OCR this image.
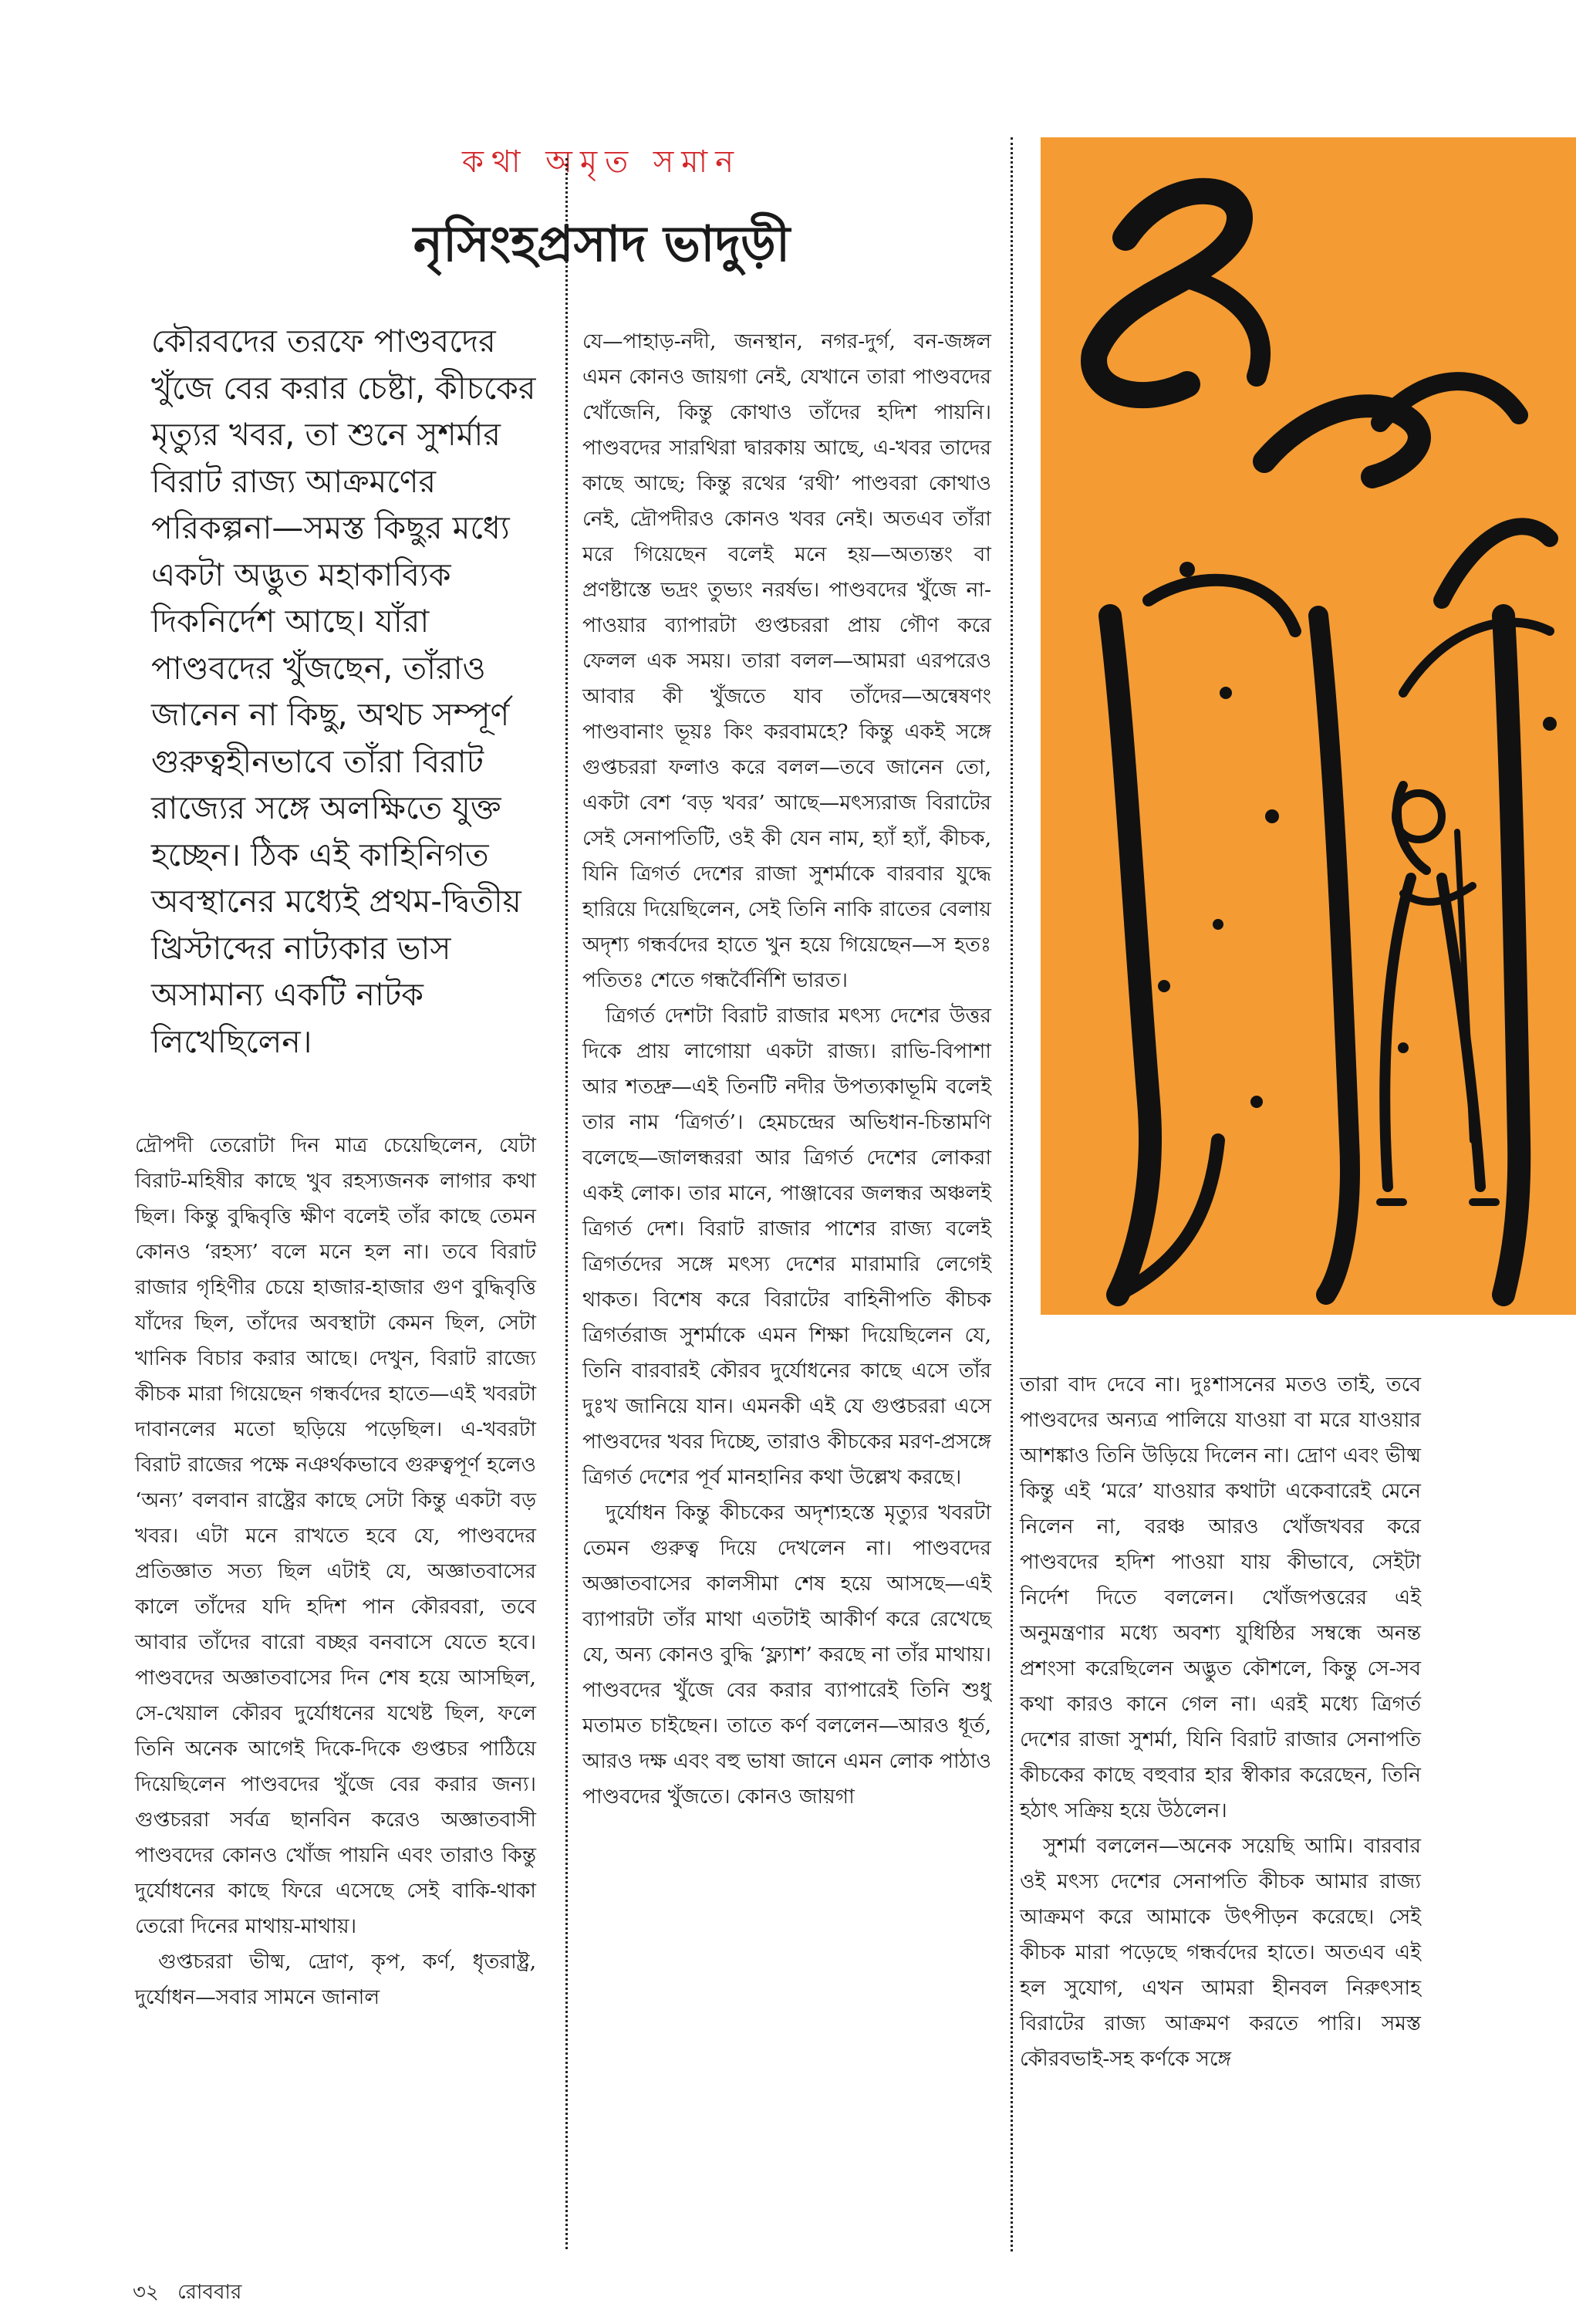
কথা অমৃত সমান
নৃসিংহপ্রসাদ ভাদুড়ী

কৌরবদের তরফে পাণ্ডবদের খুঁজে বের করার চেষ্টা, কীচকের মৃত্যুর খবর, তা শুনে সুশর্মার বিরাট রাজ্য আক্রমণের পরিকল্পনা—সমস্ত কিছুর মধ্যে একটা অদ্ভুত মহাকাব্যিক দিকনির্দেশ আছে। যাঁরা পাণ্ডবদের খুঁজছেন, তাঁরাও জানেন না কিছু, অথচ সম্পূর্ণ গুরুত্বহীনভাবে তাঁরা বিরাট রাজ্যের সঙ্গে অলক্ষিতে যুক্ত হচ্ছেন। ঠিক এই কাহিনিগত অবস্থানের মধ্যেই প্রথম-দ্বিতীয় খ্রিস্টাব্দের নাট্যকার ভাস অসামান্য একটি নাটক লিখেছিলেন।

দ্রৌপদী তেরোটা দিন মাত্র চেয়েছিলেন, যেটা বিরাট-মহিষীর কাছে খুব রহস্যজনক লাগার কথা ছিল। কিন্তু বুদ্ধিবৃত্তি ক্ষীণ বলেই তাঁর কাছে তেমন কোনও ‘রহস্য’ বলে মনে হল না। তবে বিরাট রাজার গৃহিণীর চেয়ে হাজার-হাজার গুণ বুদ্ধিবৃত্তি যাঁদের ছিল, তাঁদের অবস্থাটা কেমন ছিল, সেটা খানিক বিচার করার আছে। দেখুন, বিরাট রাজ্যে কীচক মারা গিয়েছেন গন্ধর্বদের হাতে—এই খবরটা দাবানলের মতো ছড়িয়ে পড়েছিল। এ-খবরটা বিরাট রাজের পক্ষে নঞর্থকভাবে গুরুত্বপূর্ণ হলেও ‘অন্য’ বলবান রাষ্ট্রের কাছে সেটা কিন্তু একটা বড় খবর। এটা মনে রাখতে হবে যে, পাণ্ডবদের প্রতিজ্ঞাত সত্য ছিল এটাই যে, অজ্ঞাতবাসের কালে তাঁদের যদি হদিশ পান কৌরবরা, তবে আবার তাঁদের বারো বচ্ছর বনবাসে যেতে হবে। পাণ্ডবদের অজ্ঞাতবাসের দিন শেষ হয়ে আসছিল, সে-খেয়াল কৌরব দুর্যোধনের যথেষ্ট ছিল, ফলে তিনি অনেক আগেই দিকে-দিকে গুপ্তচর পাঠিয়ে দিয়েছিলেন পাণ্ডবদের খুঁজে বের করার জন্য। গুপ্তচররা সর্বত্র ছানবিন করেও অজ্ঞাতবাসী পাণ্ডবদের কোনও খোঁজ পায়নি এবং তারাও কিন্তু দুর্যোধনের কাছে ফিরে এসেছে সেই বাকি-থাকা তেরো দিনের মাথায়-মাথায়।

গুপ্তচররা ভীষ্ম, দ্রোণ, কৃপ, কর্ণ, ধৃতরাষ্ট্র, দুর্যোধন—সবার সামনে জানাল

যে—পাহাড়-নদী, জনস্থান, নগর-দুর্গ, বন-জঙ্গল এমন কোনও জায়গা নেই, যেখানে তারা পাণ্ডবদের খোঁজেনি, কিন্তু কোথাও তাঁদের হদিশ পায়নি। পাণ্ডবদের সারথিরা দ্বারকায় আছে, এ-খবর তাদের কাছে আছে; কিন্তু রথের ‘রথী’ পাণ্ডবরা কোথাও নেই, দ্রৌপদীরও কোনও খবর নেই। অতএব তাঁরা মরে গিয়েছেন বলেই মনে হয়—অত্যন্তং বা প্রণষ্টাস্তে ভদ্রং তুভ্যং নরর্ষভ। পাণ্ডবদের খুঁজে না-পাওয়ার ব্যাপারটা গুপ্তচররা প্রায় গৌণ করে ফেলল এক সময়। তারা বলল—আমরা এরপরেও আবার কী খুঁজতে যাব তাঁদের—অন্বেষণং পাণ্ডবানাং ভূয়ঃ কিং করবামহে? কিন্তু একই সঙ্গে গুপ্তচররা ফলাও করে বলল—তবে জানেন তো, একটা বেশ ‘বড় খবর’ আছে—মৎস্যরাজ বিরাটের সেই সেনাপতিটি, ওই কী যেন নাম, হ্যাঁ হ্যাঁ, কীচক, যিনি ত্রিগর্ত দেশের রাজা সুশর্মাকে বারবার যুদ্ধে হারিয়ে দিয়েছিলেন, সেই তিনি নাকি রাতের বেলায় অদৃশ্য গন্ধর্বদের হাতে খুন হয়ে গিয়েছেন—স হতঃ পতিতঃ শেতে গন্ধর্বৈর্নিশি ভারত।

ত্রিগর্ত দেশটা বিরাট রাজার মৎস্য দেশের উত্তর দিকে প্রায় লাগোয়া একটা রাজ্য। রাভি-বিপাশা আর শতদ্রু—এই তিনটি নদীর উপত্যকাভূমি বলেই তার নাম ‘ত্রিগর্ত’। হেমচন্দ্রের অভিধান-চিন্তামণি বলেছে—জালন্ধররা আর ত্রিগর্ত দেশের লোকরা একই লোক। তার মানে, পাঞ্জাবের জলন্ধর অঞ্চলই ত্রিগর্ত দেশ। বিরাট রাজার পাশের রাজ্য বলেই ত্রিগর্তদের সঙ্গে মৎস্য দেশের মারামারি লেগেই থাকত। বিশেষ করে বিরাটের বাহিনীপতি কীচক ত্রিগর্তরাজ সুশর্মাকে এমন শিক্ষা দিয়েছিলেন যে, তিনি বারবারই কৌরব দুর্যোধনের কাছে এসে তাঁর দুঃখ জানিয়ে যান। এমনকী এই যে গুপ্তচররা এসে পাণ্ডবদের খবর দিচ্ছে, তারাও কীচকের মরণ-প্রসঙ্গে ত্রিগর্ত দেশের পূর্ব মানহানির কথা উল্লেখ করছে।

দুর্যোধন কিন্তু কীচকের অদৃশ্যহস্তে মৃত্যুর খবরটা তেমন গুরুত্ব দিয়ে দেখলেন না। পাণ্ডবদের অজ্ঞাতবাসের কালসীমা শেষ হয়ে আসছে—এই ব্যাপারটা তাঁর মাথা এতটাই আকীর্ণ করে রেখেছে যে, অন্য কোনও বুদ্ধি ‘ফ্ল্যাশ’ করছে না তাঁর মাথায়। পাণ্ডবদের খুঁজে বের করার ব্যাপারেই তিনি শুধু মতামত চাইছেন। তাতে কর্ণ বললেন—আরও ধূর্ত, আরও দক্ষ এবং বহু ভাষা জানে এমন লোক পাঠাও পাণ্ডবদের খুঁজতে। কোনও জায়গা

তারা বাদ দেবে না। দুঃশাসনের মতও তাই, তবে পাণ্ডবদের অন্যত্র পালিয়ে যাওয়া বা মরে যাওয়ার আশঙ্কাও তিনি উড়িয়ে দিলেন না। দ্রোণ এবং ভীষ্ম কিন্তু এই ‘মরে’ যাওয়ার কথাটা একেবারেই মেনে নিলেন না, বরঞ্চ আরও খোঁজখবর করে পাণ্ডবদের হদিশ পাওয়া যায় কীভাবে, সেইটা নির্দেশ দিতে বললেন। খোঁজপত্তরের এই অনুমন্ত্রণার মধ্যে অবশ্য যুধিষ্ঠির সম্বন্ধে অনন্ত প্রশংসা করেছিলেন অদ্ভুত কৌশলে, কিন্তু সে-সব কথা কারও কানে গেল না। এরই মধ্যে ত্রিগর্ত দেশের রাজা সুশর্মা, যিনি বিরাট রাজার সেনাপতি কীচকের কাছে বহুবার হার স্বীকার করেছেন, তিনি হঠাৎ সক্রিয় হয়ে উঠলেন।

সুশর্মা বললেন—অনেক সয়েছি আমি। বারবার ওই মৎস্য দেশের সেনাপতি কীচক আমার রাজ্য আক্রমণ করে আমাকে উৎপীড়ন করেছে। সেই কীচক মারা পড়েছে গন্ধর্বদের হাতে। অতএব এই হল সুযোগ, এখন আমরা হীনবল নিরুৎসাহ বিরাটের রাজ্য আক্রমণ করতে পারি। সমস্ত কৌরবভাই-সহ কর্ণকে সঙ্গে

৩২ রোববার
